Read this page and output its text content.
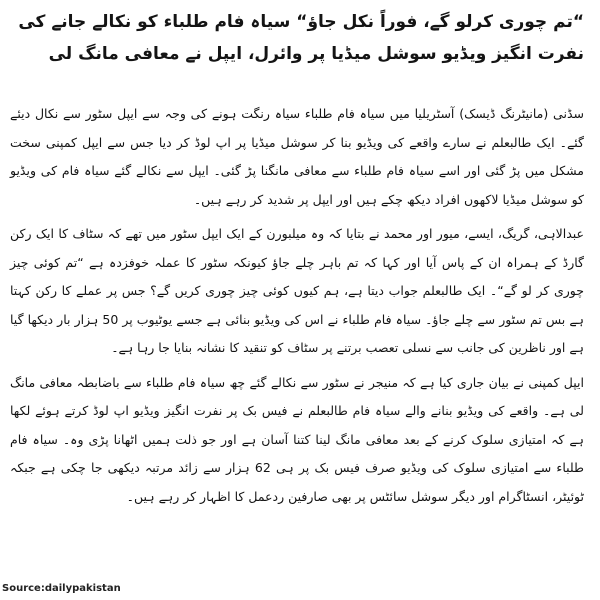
“تم چوری کرلو گے، فوراً نکل جاؤ“ سیاہ فام طلباء کو نکالے جانے کی نفرت انگیز ویڈیو سوشل میڈیا پر وائرل، ایپل نے معافی مانگ لی

سڈنی (مانیٹرنگ ڈیسک) آسٹریلیا میں سیاہ فام طلباء سیاہ رنگت ہونے کی وجہ سے ایپل سٹور سے نکال دیئے گئے۔ ایک طالبعلم نے سارے واقعے کی ویڈیو بنا کر سوشل میڈیا پر اپ لوڈ کر دیا جس سے ایپل کمپنی سخت مشکل میں پڑ گئی اور اسے سیاہ فام طلباء سے معافی مانگنا پڑ گئی۔ ایپل سے نکالے گئے سیاہ فام کی ویڈیو کو سوشل میڈیا لاکھوں افراد دیکھ چکے ہیں اور ایپل پر شدید کر رہے ہیں۔

عبدالاہی، گریگ، ایسے، میور اور محمد نے بتایا کہ وہ میلبورن کے ایک ایپل سٹور میں تھے کہ سٹاف کا ایک رکن گارڈ کے ہمراہ ان کے پاس آیا اور کہا کہ تم باہر چلے جاؤ کیونکہ سٹور کا عملہ خوفزدہ ہے “تم کوئی چیز چوری کر لو گے“۔ ایک طالبعلم جواب دیتا ہے، ہم کیوں کوئی چیز چوری کریں گے؟ جس پر عملے کا رکن کہتا ہے بس تم سٹور سے چلے جاؤ۔ سیاہ فام طلباء نے اس کی ویڈیو بنائی ہے جسے یوٹیوب پر 50 ہزار بار دیکھا گیا ہے اور ناظرین کی جانب سے نسلی تعصب برتنے پر سٹاف کو تنقید کا نشانہ بنایا جا رہا ہے۔

ایپل کمپنی نے بیان جاری کیا ہے کہ منیجر نے سٹور سے نکالے گئے چھ سیاہ فام طلباء سے باضابطہ معافی مانگ لی ہے۔ واقعے کی ویڈیو بنانے والے سیاہ فام طالبعلم نے فیس بک پر نفرت انگیز ویڈیو اپ لوڈ کرتے ہوئے لکھا ہے کہ امتیازی سلوک کرنے کے بعد معافی مانگ لینا کتنا آسان ہے اور جو ذلت ہمیں اٹھانا پڑی وہ۔ سیاہ فام طلباء سے امتیازی سلوک کی ویڈیو صرف فیس بک پر ہی 62 ہزار سے زائد مرتبہ دیکھی جا چکی ہے جبکہ ٹوئیٹر، انسٹاگرام اور دیگر سوشل سائٹس پر بھی صارفین ردعمل کا اظہار کر رہے ہیں۔

Source:dailypakistan
